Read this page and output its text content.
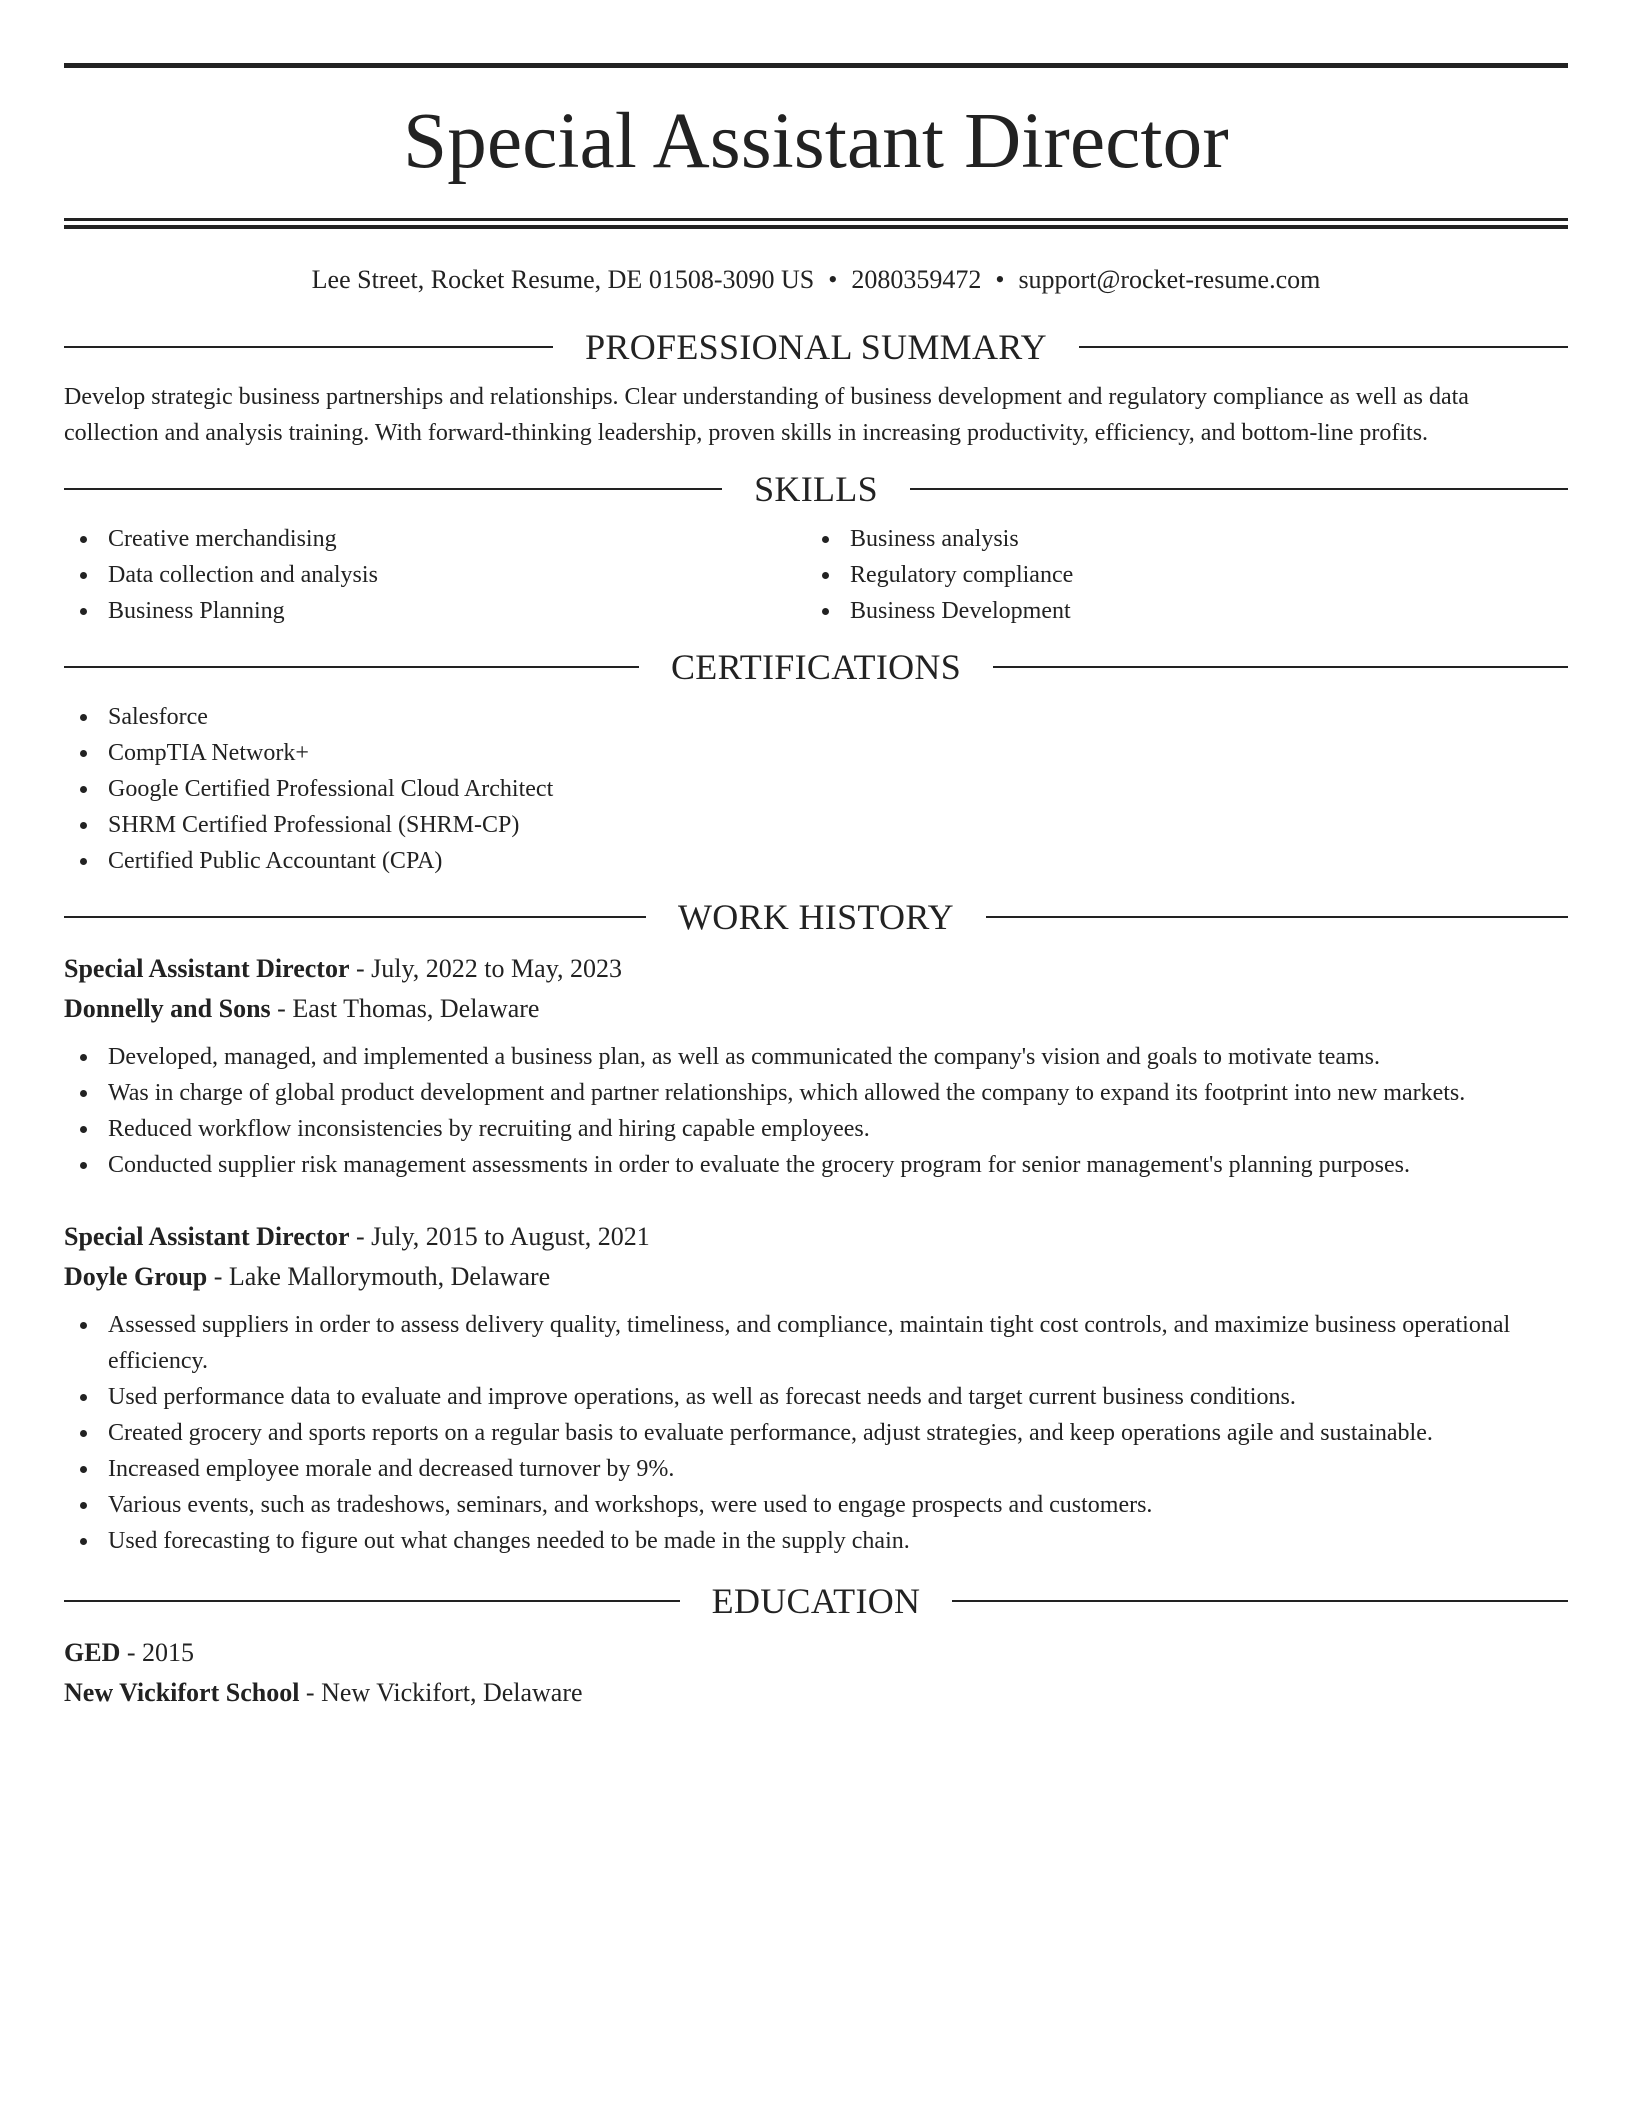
Special Assistant Director
Lee Street, Rocket Resume, DE 01508-3090 US • 2080359472 • support@rocket-resume.com
PROFESSIONAL SUMMARY

Develop strategic business partnerships and relationships. Clear understanding of business development and regulatory compliance as well as data collection and analysis training. With forward-thinking leadership, proven skills in increasing productivity, efficiency, and bottom-line profits.

SKILLS
Creative merchandising
Data collection and analysis
Business Planning
Business analysis
Regulatory compliance
Business Development
CERTIFICATIONS
Salesforce
CompTIA Network+
Google Certified Professional Cloud Architect
SHRM Certified Professional (SHRM-CP)
Certified Public Accountant (CPA)
WORK HISTORY
Special Assistant Director - July, 2022 to May, 2023
Donnelly and Sons - East Thomas, Delaware
Developed, managed, and implemented a business plan, as well as communicated the company's vision and goals to motivate teams.
Was in charge of global product development and partner relationships, which allowed the company to expand its footprint into new markets.
Reduced workflow inconsistencies by recruiting and hiring capable employees.
Conducted supplier risk management assessments in order to evaluate the grocery program for senior management's planning purposes.
Special Assistant Director - July, 2015 to August, 2021
Doyle Group - Lake Mallorymouth, Delaware
Assessed suppliers in order to assess delivery quality, timeliness, and compliance, maintain tight cost controls, and maximize business operational efficiency.
Used performance data to evaluate and improve operations, as well as forecast needs and target current business conditions.
Created grocery and sports reports on a regular basis to evaluate performance, adjust strategies, and keep operations agile and sustainable.
Increased employee morale and decreased turnover by 9%.
Various events, such as tradeshows, seminars, and workshops, were used to engage prospects and customers.
Used forecasting to figure out what changes needed to be made in the supply chain.
EDUCATION
GED - 2015
New Vickifort School - New Vickifort, Delaware
